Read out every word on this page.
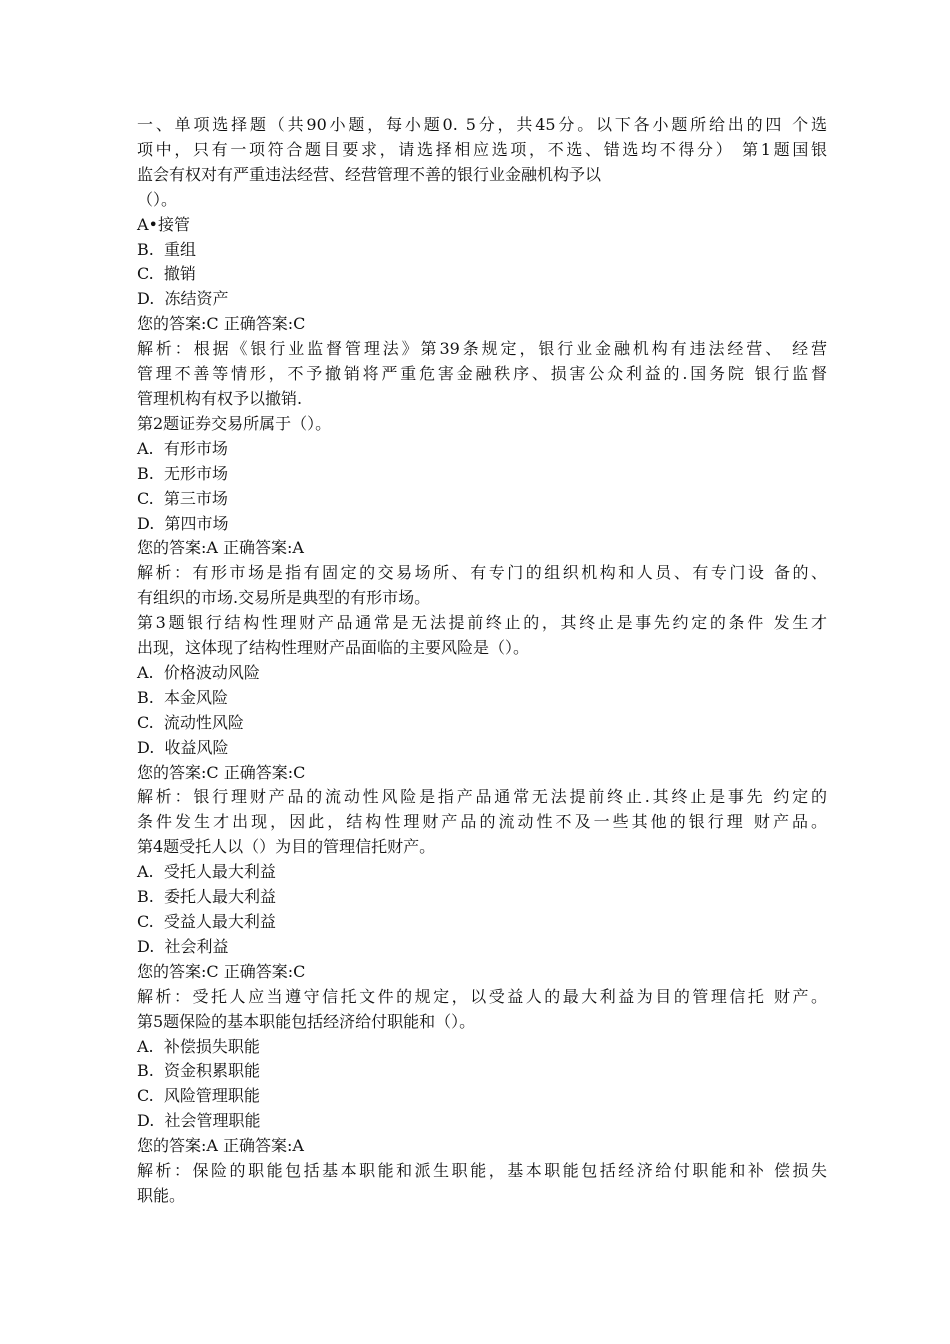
一、单项选择题（共90小题，每小题0. 5分，共45分。以下各小题所给出的四 个选
项中，只有一项符合题目要求，请选择相应选项，不选、错选均不得分） 第1题国银
监会有权对有严重违法经营、经营管理不善的银行业金融机构予以
（）。
A•接管
B.  重组
C.  撤销
D.  冻结资产
您的答案:C 正确答案:C
解析：根据《银行业监督管理法》第39条规定，银行业金融机构有违法经营、 经营
管理不善等情形，不予撤销将严重危害金融秩序、损害公众利益的.国务院 银行监督
管理机构有权予以撤销.
第2题证券交易所属于（）。
A.  有形市场
B.  无形市场
C.  第三市场
D.  第四市场
您的答案:A 正确答案:A
解析：有形市场是指有固定的交易场所、有专门的组织机构和人员、有专门设 备的、
有组织的市场.交易所是典型的有形市场。
第3题银行结构性理财产品通常是无法提前终止的，其终止是事先约定的条件 发生才
出现，这体现了结构性理财产品面临的主要风险是（）。
A.  价格波动风险
B.  本金风险
C.  流动性风险
D.  收益风险
您的答案:C 正确答案:C
解析：银行理财产品的流动性风险是指产品通常无法提前终止.其终止是事先 约定的
条件发生才出现，因此，结构性理财产品的流动性不及一些其他的银行理 财产品。
第4题受托人以（）为目的管理信托财产。
A.  受托人最大利益
B.  委托人最大利益
C.  受益人最大利益
D.  社会利益
您的答案:C 正确答案:C
解析：受托人应当遵守信托文件的规定，以受益人的最大利益为目的管理信托 财产。
第5题保险的基本职能包括经济给付职能和（）。
A.  补偿损失职能
B.  资金积累职能
C.  风险管理职能
D.  社会管理职能
您的答案:A 正确答案:A
解析：保险的职能包括基本职能和派生职能，基本职能包括经济给付职能和补 偿损失
职能。
